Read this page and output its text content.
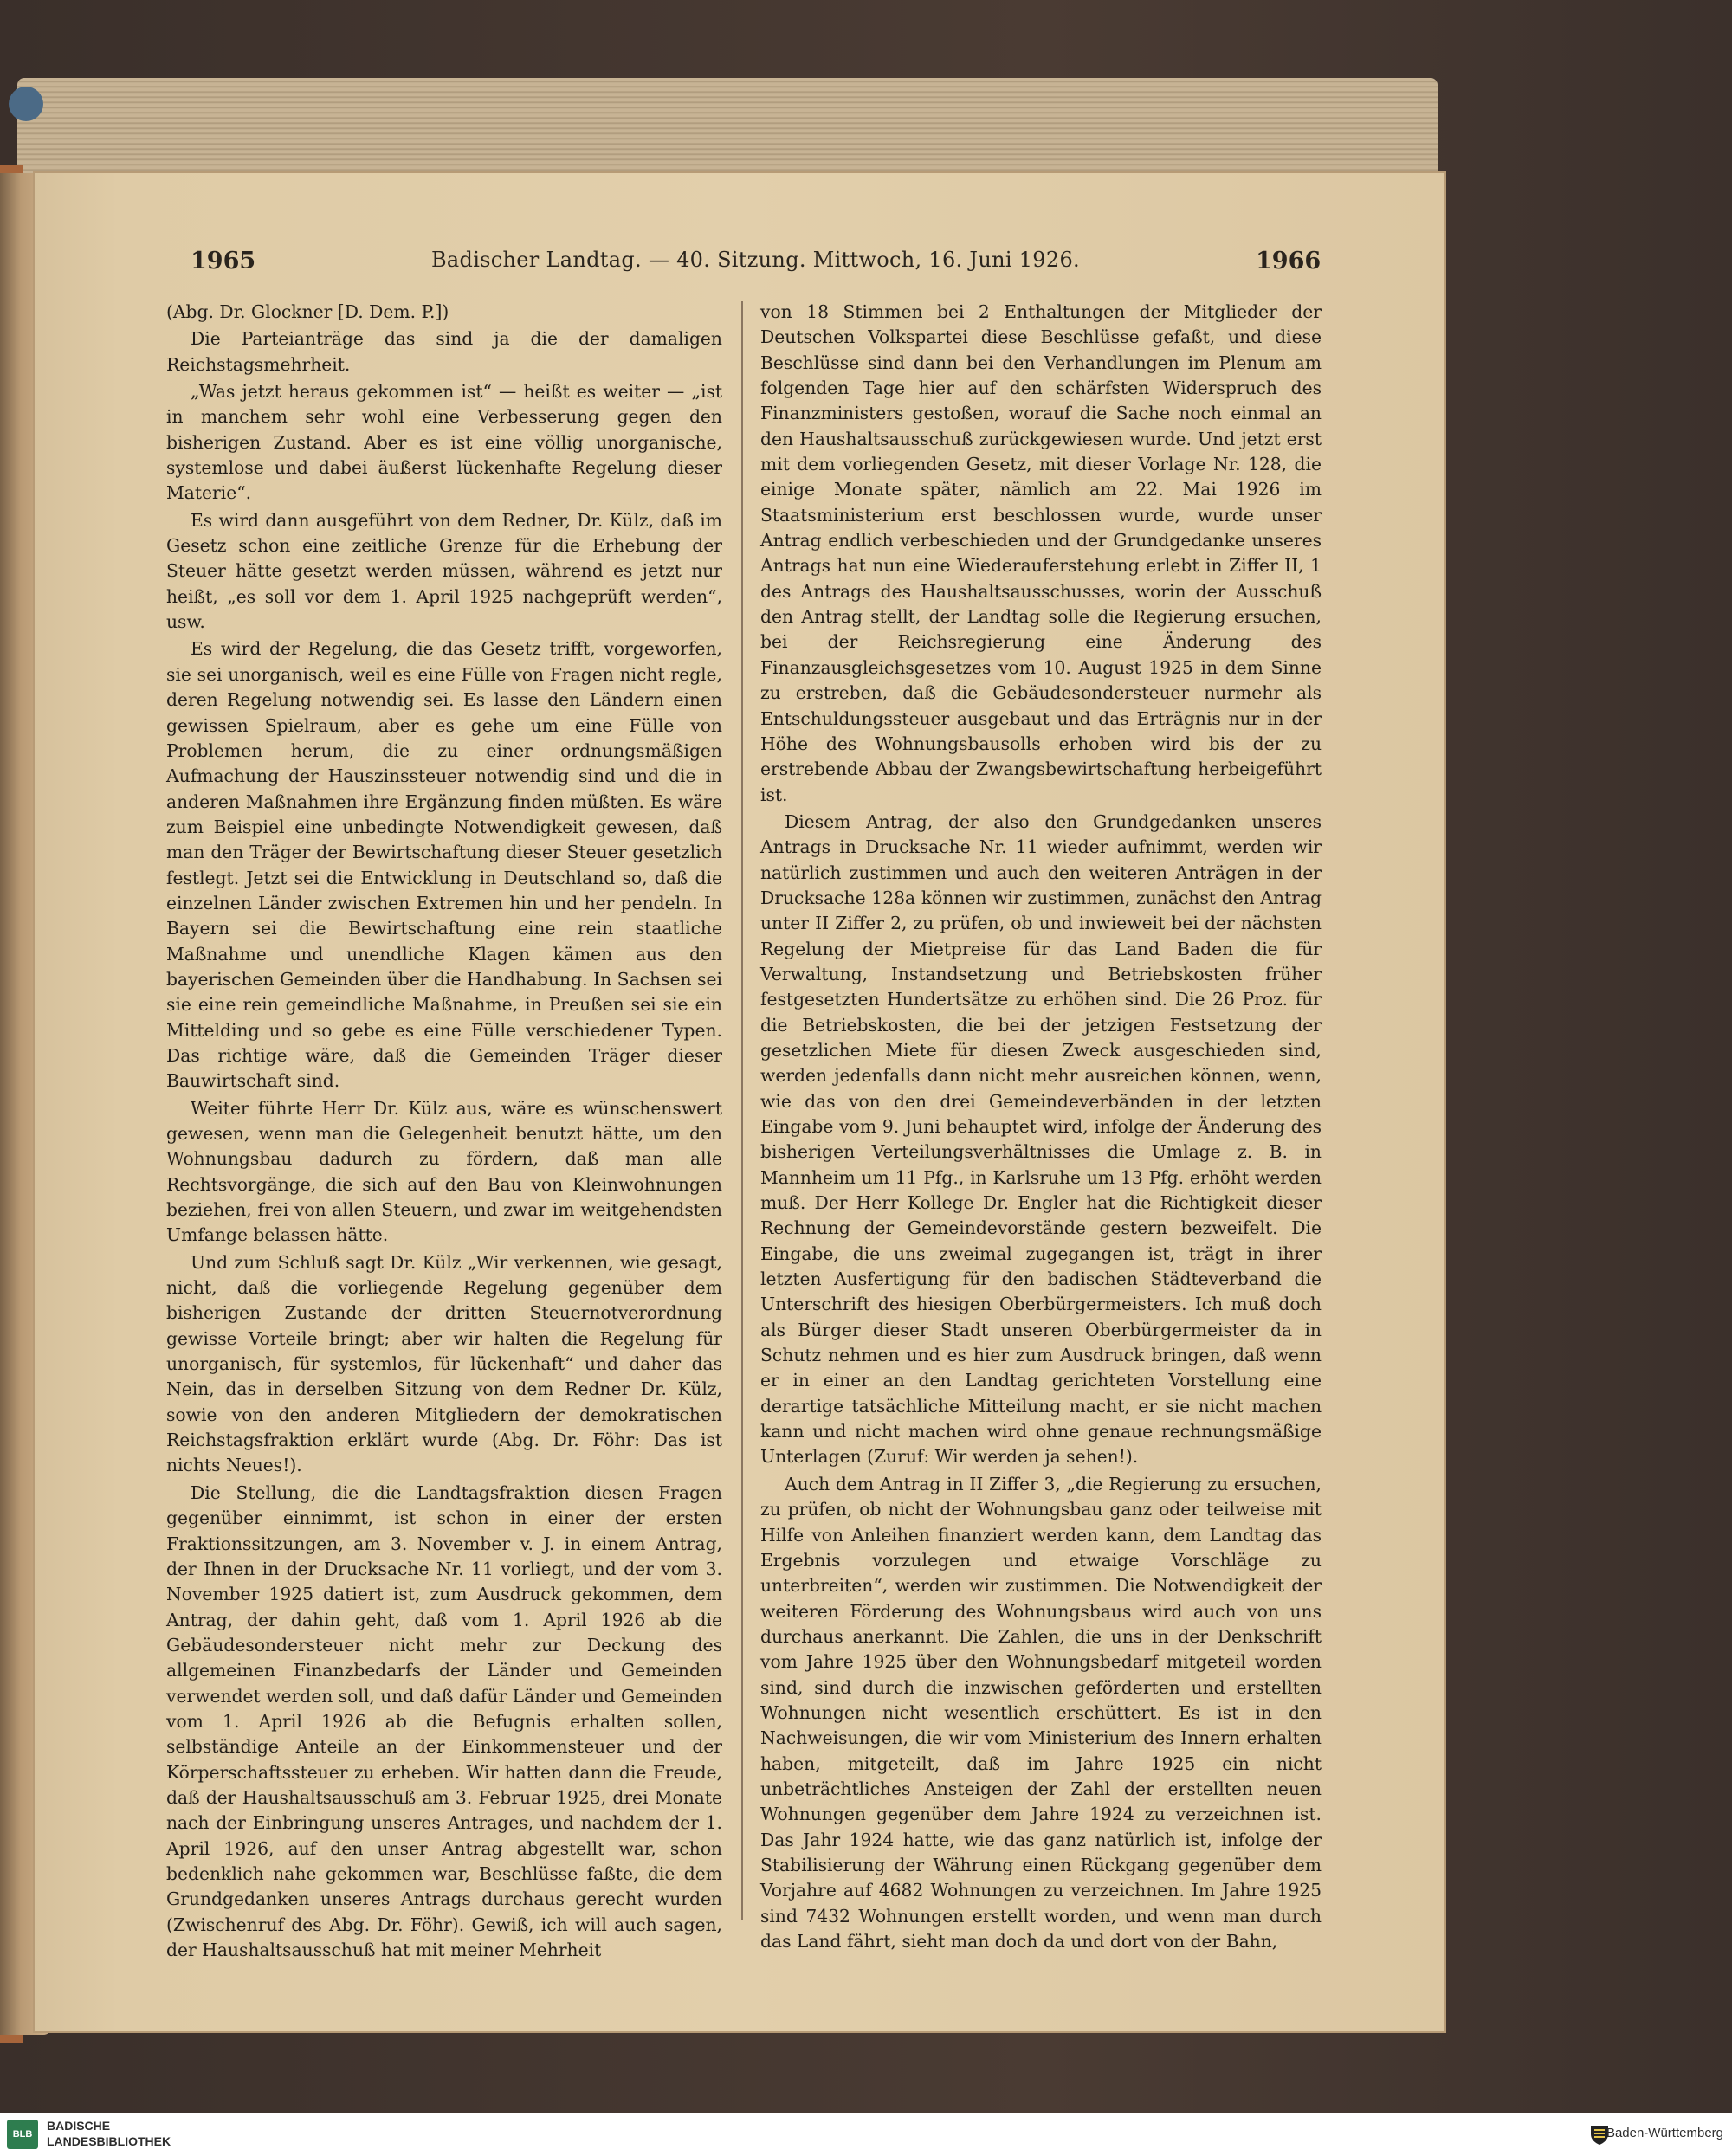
1965	Badischer Landtag. — 40. Sitzung. Mittwoch, 16. Juni 1926.	1966

(Abg. Dr. Glockner [D. Dem. P.])

Die Parteianträge das sind ja die der damaligen Reichstagsmehrheit.

„Was jetzt heraus gekommen ist“ — heißt es weiter — „ist in manchem sehr wohl eine Verbesserung gegen den bisherigen Zustand. Aber es ist eine völlig unorganische, systemlose und dabei äußerst lückenhafte Regelung dieser Materie“.

Es wird dann ausgeführt von dem Redner, Dr. Külz, daß im Gesetz schon eine zeitliche Grenze für die Erhebung der Steuer hätte gesetzt werden müssen, während es jetzt nur heißt, „es soll vor dem 1. April 1925 nachgeprüft werden“, usw.

Es wird der Regelung, die das Gesetz trifft, vorgeworfen, sie sei unorganisch, weil es eine Fülle von Fragen nicht regle, deren Regelung notwendig sei. Es lasse den Ländern einen gewissen Spielraum, aber es gehe um eine Fülle von Problemen herum, die zu einer ordnungsmäßigen Aufmachung der Hauszinssteuer notwendig sind und die in anderen Maßnahmen ihre Ergänzung finden müßten. Es wäre zum Beispiel eine unbedingte Notwendigkeit gewesen, daß man den Träger der Bewirtschaftung dieser Steuer gesetzlich festlegt. Jetzt sei die Entwicklung in Deutschland so, daß die einzelnen Länder zwischen Extremen hin und her pendeln. In Bayern sei die Bewirtschaftung eine rein staatliche Maßnahme und unendliche Klagen kämen aus den bayerischen Gemeinden über die Handhabung. In Sachsen sei sie eine rein gemeindliche Maßnahme, in Preußen sei sie ein Mittelding und so gebe es eine Fülle verschiedener Typen. Das richtige wäre, daß die Gemeinden Träger dieser Bauwirtschaft sind.

Weiter führte Herr Dr. Külz aus, wäre es wünschenswert gewesen, wenn man die Gelegenheit benutzt hätte, um den Wohnungsbau dadurch zu fördern, daß man alle Rechtsvorgänge, die sich auf den Bau von Kleinwohnungen beziehen, frei von allen Steuern, und zwar im weitgehendsten Umfange belassen hätte.

Und zum Schluß sagt Dr. Külz „Wir verkennen, wie gesagt, nicht, daß die vorliegende Regelung gegenüber dem bisherigen Zustande der dritten Steuernotverordnung gewisse Vorteile bringt; aber wir halten die Regelung für unorganisch, für systemlos, für lückenhaft“ und daher das Nein, das in derselben Sitzung von dem Redner Dr. Külz, sowie von den anderen Mitgliedern der demokratischen Reichstagsfraktion erklärt wurde (Abg. Dr. Föhr: Das ist nichts Neues!).

Die Stellung, die die Landtagsfraktion diesen Fragen gegenüber einnimmt, ist schon in einer der ersten Fraktionssitzungen, am 3. November v. J. in einem Antrag, der Ihnen in der Drucksache Nr. 11 vorliegt, und der vom 3. November 1925 datiert ist, zum Ausdruck gekommen, dem Antrag, der dahin geht, daß vom 1. April 1926 ab die Gebäudesondersteuer nicht mehr zur Deckung des allgemeinen Finanzbedarfs der Länder und Gemeinden verwendet werden soll, und daß dafür Länder und Gemeinden vom 1. April 1926 ab die Befugnis erhalten sollen, selbständige Anteile an der Einkommensteuer und der Körperschaftssteuer zu erheben. Wir hatten dann die Freude, daß der Haushaltsausschuß am 3. Februar 1925, drei Monate nach der Einbringung unseres Antrages, und nachdem der 1. April 1926, auf den unser Antrag abgestellt war, schon bedenklich nahe gekommen war, Beschlüsse faßte, die dem Grundgedanken unseres Antrags durchaus gerecht wurden (Zwischenruf des Abg. Dr. Föhr). Gewiß, ich will auch sagen, der Haushaltsausschuß hat mit meiner Mehrheit

von 18 Stimmen bei 2 Enthaltungen der Mitglieder der Deutschen Volkspartei diese Beschlüsse gefaßt, und diese Beschlüsse sind dann bei den Verhandlungen im Plenum am folgenden Tage hier auf den schärfsten Widerspruch des Finanzministers gestoßen, worauf die Sache noch einmal an den Haushaltsausschuß zurückgewiesen wurde. Und jetzt erst mit dem vorliegenden Gesetz, mit dieser Vorlage Nr. 128, die einige Monate später, nämlich am 22. Mai 1926 im Staatsministerium erst beschlossen wurde, wurde unser Antrag endlich verbeschieden und der Grundgedanke unseres Antrags hat nun eine Wiederauferstehung erlebt in Ziffer II, 1 des Antrags des Haushaltsausschusses, worin der Ausschuß den Antrag stellt, der Landtag solle die Regierung ersuchen, bei der Reichsregierung eine Änderung des Finanzausgleichsgesetzes vom 10. August 1925 in dem Sinne zu erstreben, daß die Gebäudesondersteuer nurmehr als Entschuldungssteuer ausgebaut und das Erträgnis nur in der Höhe des Wohnungsbausolls erhoben wird bis der zu erstrebende Abbau der Zwangsbewirtschaftung herbeigeführt ist.

Diesem Antrag, der also den Grundgedanken unseres Antrags in Drucksache Nr. 11 wieder aufnimmt, werden wir natürlich zustimmen und auch den weiteren Anträgen in der Drucksache 128a können wir zustimmen, zunächst den Antrag unter II Ziffer 2, zu prüfen, ob und inwieweit bei der nächsten Regelung der Mietpreise für das Land Baden die für Verwaltung, Instandsetzung und Betriebskosten früher festgesetzten Hundertsätze zu erhöhen sind. Die 26 Proz. für die Betriebskosten, die bei der jetzigen Festsetzung der gesetzlichen Miete für diesen Zweck ausgeschieden sind, werden jedenfalls dann nicht mehr ausreichen können, wenn, wie das von den drei Gemeindeverbänden in der letzten Eingabe vom 9. Juni behauptet wird, infolge der Änderung des bisherigen Verteilungsverhältnisses die Umlage z. B. in Mannheim um 11 Pfg., in Karlsruhe um 13 Pfg. erhöht werden muß. Der Herr Kollege Dr. Engler hat die Richtigkeit dieser Rechnung der Gemeindevorstände gestern bezweifelt. Die Eingabe, die uns zweimal zugegangen ist, trägt in ihrer letzten Ausfertigung für den badischen Städteverband die Unterschrift des hiesigen Oberbürgermeisters. Ich muß doch als Bürger dieser Stadt unseren Oberbürgermeister da in Schutz nehmen und es hier zum Ausdruck bringen, daß wenn er in einer an den Landtag gerichteten Vorstellung eine derartige tatsächliche Mitteilung macht, er sie nicht machen kann und nicht machen wird ohne genaue rechnungsmäßige Unterlagen (Zuruf: Wir werden ja sehen!).

Auch dem Antrag in II Ziffer 3, „die Regierung zu ersuchen, zu prüfen, ob nicht der Wohnungsbau ganz oder teilweise mit Hilfe von Anleihen finanziert werden kann, dem Landtag das Ergebnis vorzulegen und etwaige Vorschläge zu unterbreiten“, werden wir zustimmen. Die Notwendigkeit der weiteren Förderung des Wohnungsbaus wird auch von uns durchaus anerkannt. Die Zahlen, die uns in der Denkschrift vom Jahre 1925 über den Wohnungsbedarf mitgeteil worden sind, sind durch die inzwischen geförderten und erstellten Wohnungen nicht wesentlich erschüttert. Es ist in den Nachweisungen, die wir vom Ministerium des Innern erhalten haben, mitgeteilt, daß im Jahre 1925 ein nicht unbeträchtliches Ansteigen der Zahl der erstellten neuen Wohnungen gegenüber dem Jahre 1924 zu verzeichnen ist. Das Jahr 1924 hatte, wie das ganz natürlich ist, infolge der Stabilisierung der Währung einen Rückgang gegenüber dem Vorjahre auf 4682 Wohnungen zu verzeichnen. Im Jahre 1925 sind 7432 Wohnungen erstellt worden, und wenn man durch das Land fährt, sieht man doch da und dort von der Bahn,

BLB
BADISCHE
LANDESBIBLIOTHEK
Baden-Württemberg
